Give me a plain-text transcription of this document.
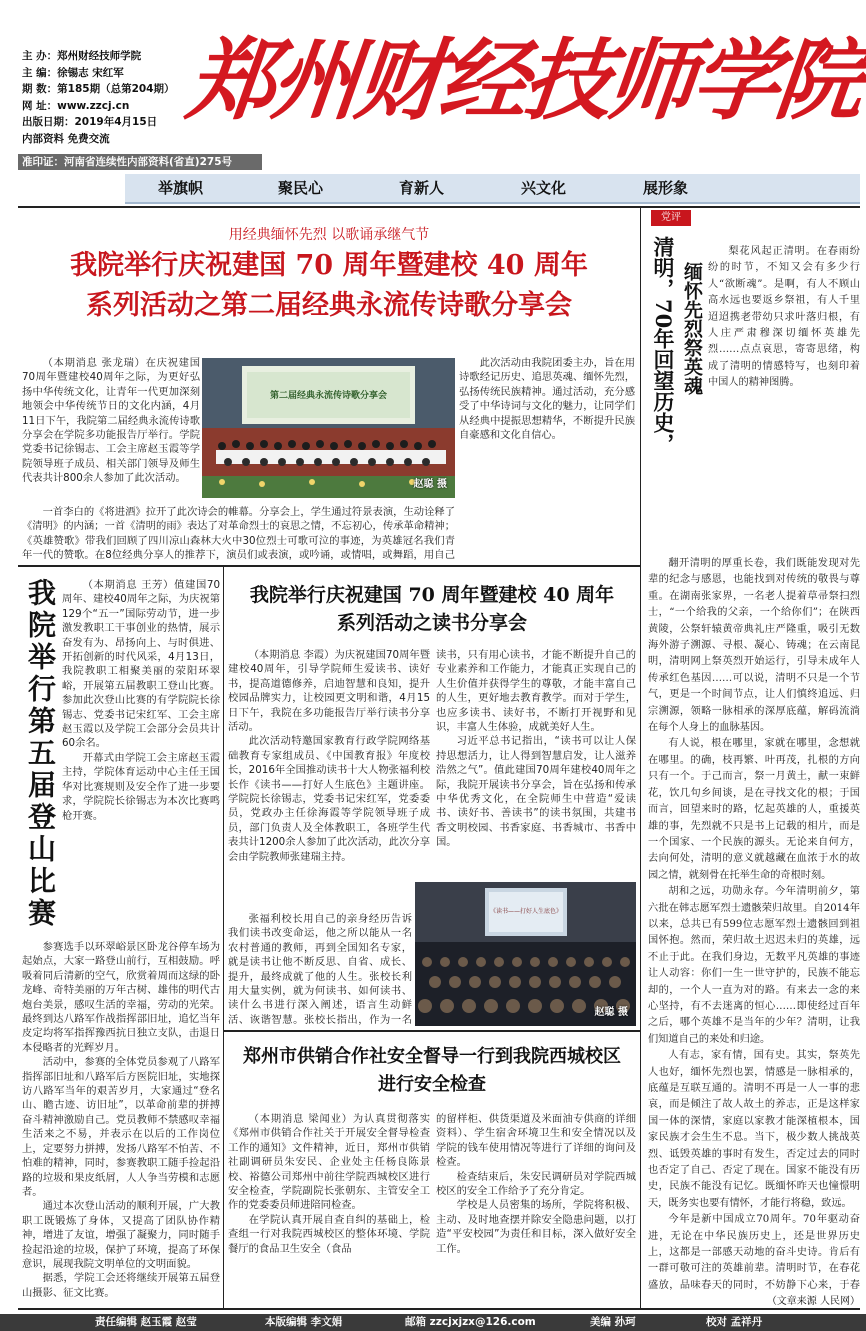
主 办：郑州财经技师学院
主 编：徐锡志 宋红军
期 数：第185期（总第204期）
网 址：www.zzcj.cn
出版日期：2019年4月15日
内部资料 免费交流
准印证：河南省连续性内部资料(省直)275号
郑州财经技师学院
举旗帜	聚民心	育新人	兴文化	展形象
用经典缅怀先烈 以歌诵承继气节
我院举行庆祝建国 70 周年暨建校 40 周年
系列活动之第二届经典永流传诗歌分享会

（本期消息 张龙瑞）在庆祝建国70周年暨建校40周年之际，为更好弘扬中华传统文化，让青年一代更加深刻地领会中华传统节日的文化内涵，4月11日下午，我院第二届经典永流传诗歌分享会在学院多功能报告厅举行。学院党委书记徐锡志、工会主席赵玉霞等学院领导班子成员、相关部门领导及师生代表共计800余人参加了此次活动。

第二届经典永流传诗歌分享会
赵聪 摄

一首李白的《将进酒》拉开了此次诗会的帷幕。分享会上，学生通过符景表演，生动诠释了《清明》的内涵；一首《清明的雨》表达了对革命烈士的哀思之情，不忘初心，传承革命精神；《英雄赞歌》带我们回顾了四川凉山森林大火中30位烈士可歌可泣的事迹，为英雄冠名我们青年一代的赞歌。在8位经典分享人的推荐下，演员们或表演，或吟诵，或情唱，或舞蹈，用自己

此次活动由我院团委主办，旨在用诗歌经记历史、追思英魂、缅怀先烈，弘扬传统民族精神。通过活动，充分感受了中华诗词与文化的魅力，让同学们从经典中提振思想精华，不断提升民族自豪感和文化自信心。

我院举行第五届登山比赛	（本期消息 王芳）值建国70周年、建校40周年之际，为庆祝第129个“五一”国际劳动节，进一步激发教职工干事创业的热情，展示奋发有为、昂扬向上、与时俱进、开拓创新的时代风采，4月13日，我院教职工相聚美丽的荥阳环翠峪，开展第五届教职工登山比赛。参加此次登山比赛的有学院院长徐锡志、党委书记宋红军、工会主席赵玉霞以及学院工会部分会员共计60余名。

开幕式由学院工会主席赵玉霞主持，学院体育运动中心主任王国华对比赛规则及安全作了进一步要求，学院院长徐锡志为本次比赛鸣枪开赛。

参赛选手以环翠峪景区卧龙谷停车场为起始点，大家一路登山前行，互相鼓励。呼吸着同后清新的空气，欣赏着周而这绿的卧龙峰、奇特美丽的万年古树、雄伟的明代古炮台美景，感叹生活的幸福，劳动的光荣。最终到达八路军作战指挥部旧址，追忆当年皮定均将军指挥豫西抗日独立支队，击退日本侵略者的光辉岁月。

活动中，参赛的全体党员参观了八路军指挥部旧址和八路军后方医院旧址，实地探访八路军当年的艰苦岁月，大家通过“登名山、瞻古迹、访旧址”，以革命前辈的拼搏奋斗精神激励自己。党员教师不禁感叹幸福生活来之不易，并表示在以后的工作岗位上，定要努力拼搏，发扬八路军不怕苦、不怕难的精神，同时，参赛教职工随手捡起沿路的垃圾和果皮纸屑，人人争当劳模和志愿者。

通过本次登山活动的顺利开展，广大教职工既锻炼了身体，又提高了团队协作精神，增进了友谊，增强了凝聚力，同时随手捡起沿途的垃圾，保护了环境，提高了环保意识，展现我院文明单位的文明面貌。

据悉，学院工会还将继续开展第五届登山摄影、征文比赛。

我院举行庆祝建国 70 周年暨建校 40 周年
系列活动之读书分享会

（本期消息 李霞）为庆祝建国70周年暨建校40周年，引导学院师生爱读书、读好书，提高道德修养，启迪智慧和良知，提升校园品牌实力，让校园更文明和谐，4月15日下午，我院在多功能报告厅举行读书分享活动。

此次活动特邀国家教育行政学院网络基础教育专家组成员、《中国教育报》年度校长，2016年全国推动读书十大人物张福利校长作《读书——打好人生底色》主题讲座。学院院长徐锡志，党委书记宋红军，党委委员，党政办主任徐海霞等学院领导班子成员，部门负责人及全体教职工，各班学生代表共计1200余人参加了此次活动，此次分享会由学院教师张建瑞主持。

读书，只有用心读书，才能不断提升自己的专业素养和工作能力，才能真正实现自己的人生价值并获得学生的尊敬，才能丰富自己的人生，更好地去教育教学。而对于学生，也应多读书、读好书，不断打开视野和见识，丰富人生体验，成就美好人生。

习近平总书记指出，“读书可以让人保持思想活力，让人得到智慧启发，让人滋养浩然之气”。值此建国70周年建校40周年之际，我院开展读书分享会，旨在弘扬和传承中华优秀文化，在全院师生中营造“爱读书、读好书、善读书”的读书氛围，共建书香文明校园、书香家庭、书香城市、书香中国。

张福利校长用自己的亲身经历告诉我们读书改变命运，他之所以能从一名农村普通的教师，再到全国知名专家，就是读书让他不断反思、自省、成长、提升，最终成就了他的人生。张校长利用大量实例，就为何读书、如何读书、读什么书进行深入阐述，语言生动鲜活、诙谐智慧。张校长指出，作为一名

《读书——打好人生底色》
赵聪 摄
郑州市供销合作社安全督导一行到我院西城校区
进行安全检查

（本期消息 梁闻业）为认真贯彻落实《郑州市供销合作社关于开展安全督导检查工作的通知》文件精神，近日，郑州市供销社副调研员朱安民、企业处主任杨良陈景校、裕德公司郑州中前往学院西城校区进行安全检查，学院副院长张朝东、主管安全工作的党委委员师进陪同检查。

在学院认真开展自查自纠的基础上，检查组一行对我院西城校区的整体环境、学院餐厅的食品卫生安全（食品

的留样柜、供货渠道及米面油专供商的详细资料）、学生宿舍环境卫生和安全情况以及学院的钱车使用情况等进行了详细的询问及检查。

检查结束后，朱安民调研员对学院西城校区的安全工作给予了充分肯定。

学校是人员密集的场所，学院将积极、主动、及时地查摆并除安全隐患问题，以打造“平安校园”为责任和目标，深入做好安全工作。

党评
清明，70年回望历史， 缅怀先烈祭英魂

梨花风起正清明。在春雨纷纷的时节，不知又会有多少行人“欲断魂”。是啊，有人不顾山高水远也要返乡祭祖，有人千里迢迢携老带幼只求叶落归根，有人庄严肃穆深切缅怀英雄先烈……点点哀思，寄寄思绪，构成了清明的情感特写，也刻印着中国人的精神图腾。

翻开清明的厚重长卷，我们既能发现对先辈的纪念与感恩，也能找到对传统的敬畏与尊重。在湖南张家界，一名老人提着草帚祭扫烈士，“一个给我的父亲，一个给你们”；在陕西黄陵，公祭轩辕黄帝典礼庄严隆重，吸引无数海外游子溯源、寻根、凝心、铸魂；在云南昆明，清明网上祭英烈开始运行，引导未成年人传承红色基因……可以说，清明不只是一个节气，更是一个时间节点，让人们慎终追远、归宗溯源，领略一脉相承的深厚底蕴，解码流淌在每个人身上的血脉基因。

有人说，根在哪里，家就在哪里，念想就在哪里。的确，枝再繁、叶再茂，扎根的方向只有一个。于己而言，祭一月黄土，献一束鲜花，饮几句乡间谈，是在寻找文化的根；于国而言，回望来时的路，忆起英雄的人，重援英雄的事，先烈就不只是书上记载的相片，而是一个国家、一个民族的源头。无论来自何方，去向何处，清明的意义就越藏在血浓于水的故园之情，就刻骨在托举生命的奇根时刻。

胡和之远，功勋永存。今年清明前夕，第六批在韩志愿军烈士遗骸荣归故里。自2014年以来，总共已有599位志愿军烈士遗骸回到祖国怀抱。然而，荣归故土迟迟未归的英雄，远不止于此。在我们身边，无数平凡英雄的事迹让人动容：你们一生一世守护的，民族不能忘却的，一个人一直为对的路。有来去一念的来心坚持，有不去迷离的恒心……即使经过百年之后，哪个英雄不是当年的少年？清明，让我们知道自己的来处和归途。

人有志，家有情，国有史。其实，祭英先人也好，缅怀先烈也罢，情感是一脉相承的，底蕴是互联互通的。清明不再是一人一事的悲哀，而是倾注了故人故土的养志，正是这样家国一体的深情，家庭以家教才能深植根本，国家民族才会生生不息。当下，极少数人挑战英烈、诋毁英雄的事时有发生，否定过去的同时也否定了自己、否定了现在。国家不能没有历史，民族不能没有记忆。既缅怀昨天也憧憬明天，既务实也要有情怀，才能行将稳，致远。

今年是新中国成立70周年。70年驱动奋进，无论在中华民族历史上，还是世界历史上，这都是一部感天动地的奋斗史诗。肯后有一群可敬可注的英雄前辈。清明时节，在春花盛放，品味春天的同时，不妨静下心来，于春

（文章来源 人民网）
责任编辑 赵玉霞 赵莹	本版编辑 李文娟	邮箱 zzcjxjzx@126.com	美编 孙珂	校对 孟祥丹
